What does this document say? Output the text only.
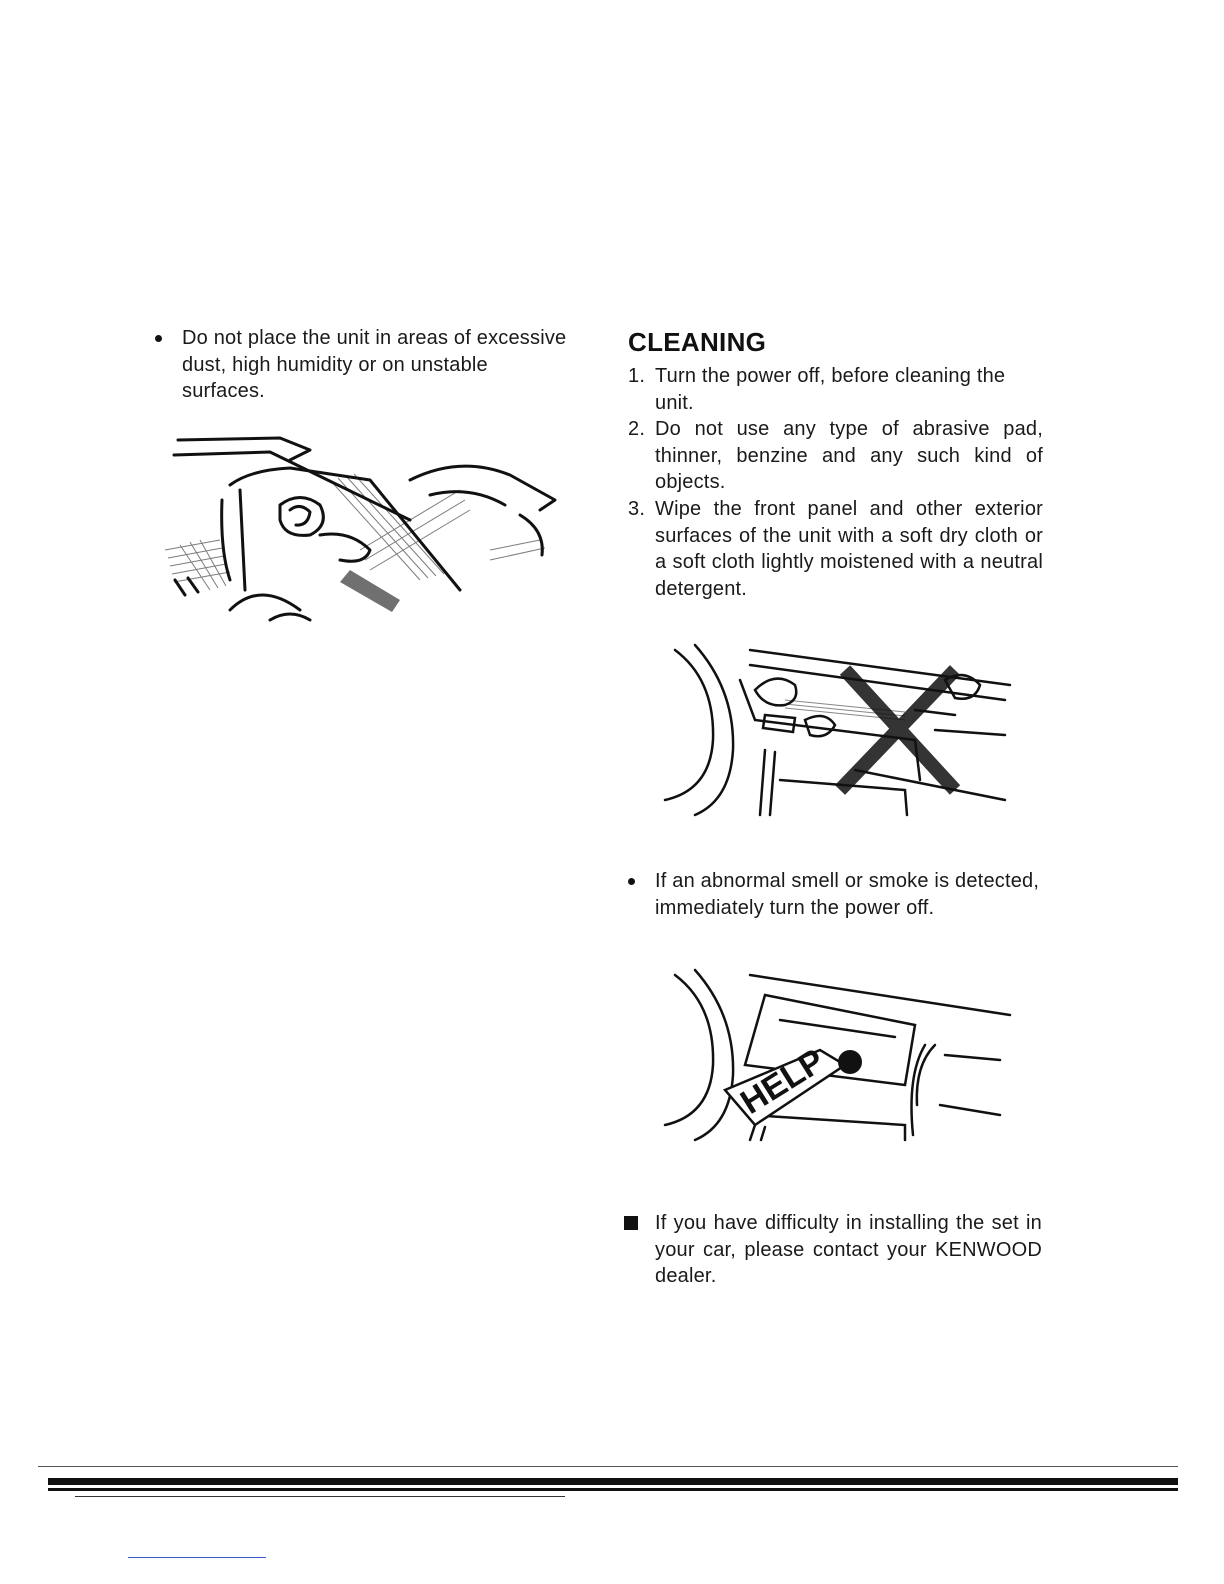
Do not place the unit in areas of excessive dust, high humidity or on unstable surfaces.
CLEANING
1. Turn the power off, before cleaning the unit.
2. Do not use any type of abrasive pad, thinner, benzine and any such kind of objects.
3. Wipe the front panel and other exterior surfaces of the unit with a soft dry cloth or a soft cloth lightly moistened with a neutral detergent.
If an abnormal smell or smoke is detected, immediately turn the power off.
HELP
If you have difficulty in installing the set in your car, please contact your KENWOOD dealer.
